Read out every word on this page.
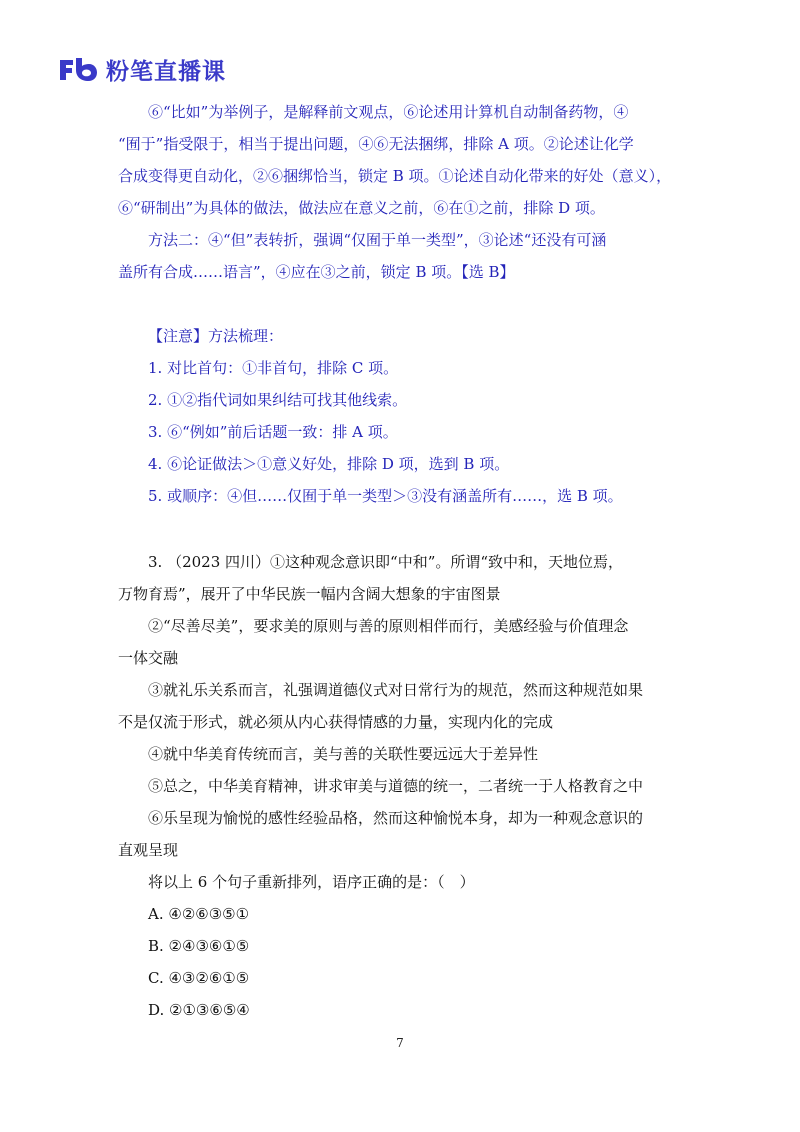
粉笔直播课
⑥“比如”为举例子，是解释前文观点，⑥论述用计算机自动制备药物，④
“囿于”指受限于，相当于提出问题，④⑥无法捆绑，排除 A 项。②论述让化学
合成变得更自动化，②⑥捆绑恰当，锁定 B 项。①论述自动化带来的好处（意义），
⑥“研制出”为具体的做法，做法应在意义之前，⑥在①之前，排除 D 项。
方法二：④“但”表转折，强调“仅囿于单一类型”，③论述“还没有可涵
盖所有合成……语言”，④应在③之前，锁定 B 项。【选 B】
【注意】方法梳理：
1. 对比首句：①非首句，排除 C 项。
2. ①②指代词如果纠结可找其他线索。
3. ⑥“例如”前后话题一致：排 A 项。
4. ⑥论证做法＞①意义好处，排除 D 项，选到 B 项。
5. 或顺序：④但……仅囿于单一类型＞③没有涵盖所有……，选 B 项。
3. （2023 四川）①这种观念意识即“中和”。所谓“致中和，天地位焉，
万物育焉”，展开了中华民族一幅内含阔大想象的宇宙图景
②“尽善尽美”，要求美的原则与善的原则相伴而行，美感经验与价值理念
一体交融
③就礼乐关系而言，礼强调道德仪式对日常行为的规范，然而这种规范如果
不是仅流于形式，就必须从内心获得情感的力量，实现内化的完成
④就中华美育传统而言，美与善的关联性要远远大于差异性
⑤总之，中华美育精神，讲求审美与道德的统一，二者统一于人格教育之中
⑥乐呈现为愉悦的感性经验品格，然而这种愉悦本身，却为一种观念意识的
直观呈现
将以上 6 个句子重新排列，语序正确的是：（　）
A. ④②⑥③⑤①
B. ②④③⑥①⑤
C. ④③②⑥①⑤
D. ②①③⑥⑤④
7
